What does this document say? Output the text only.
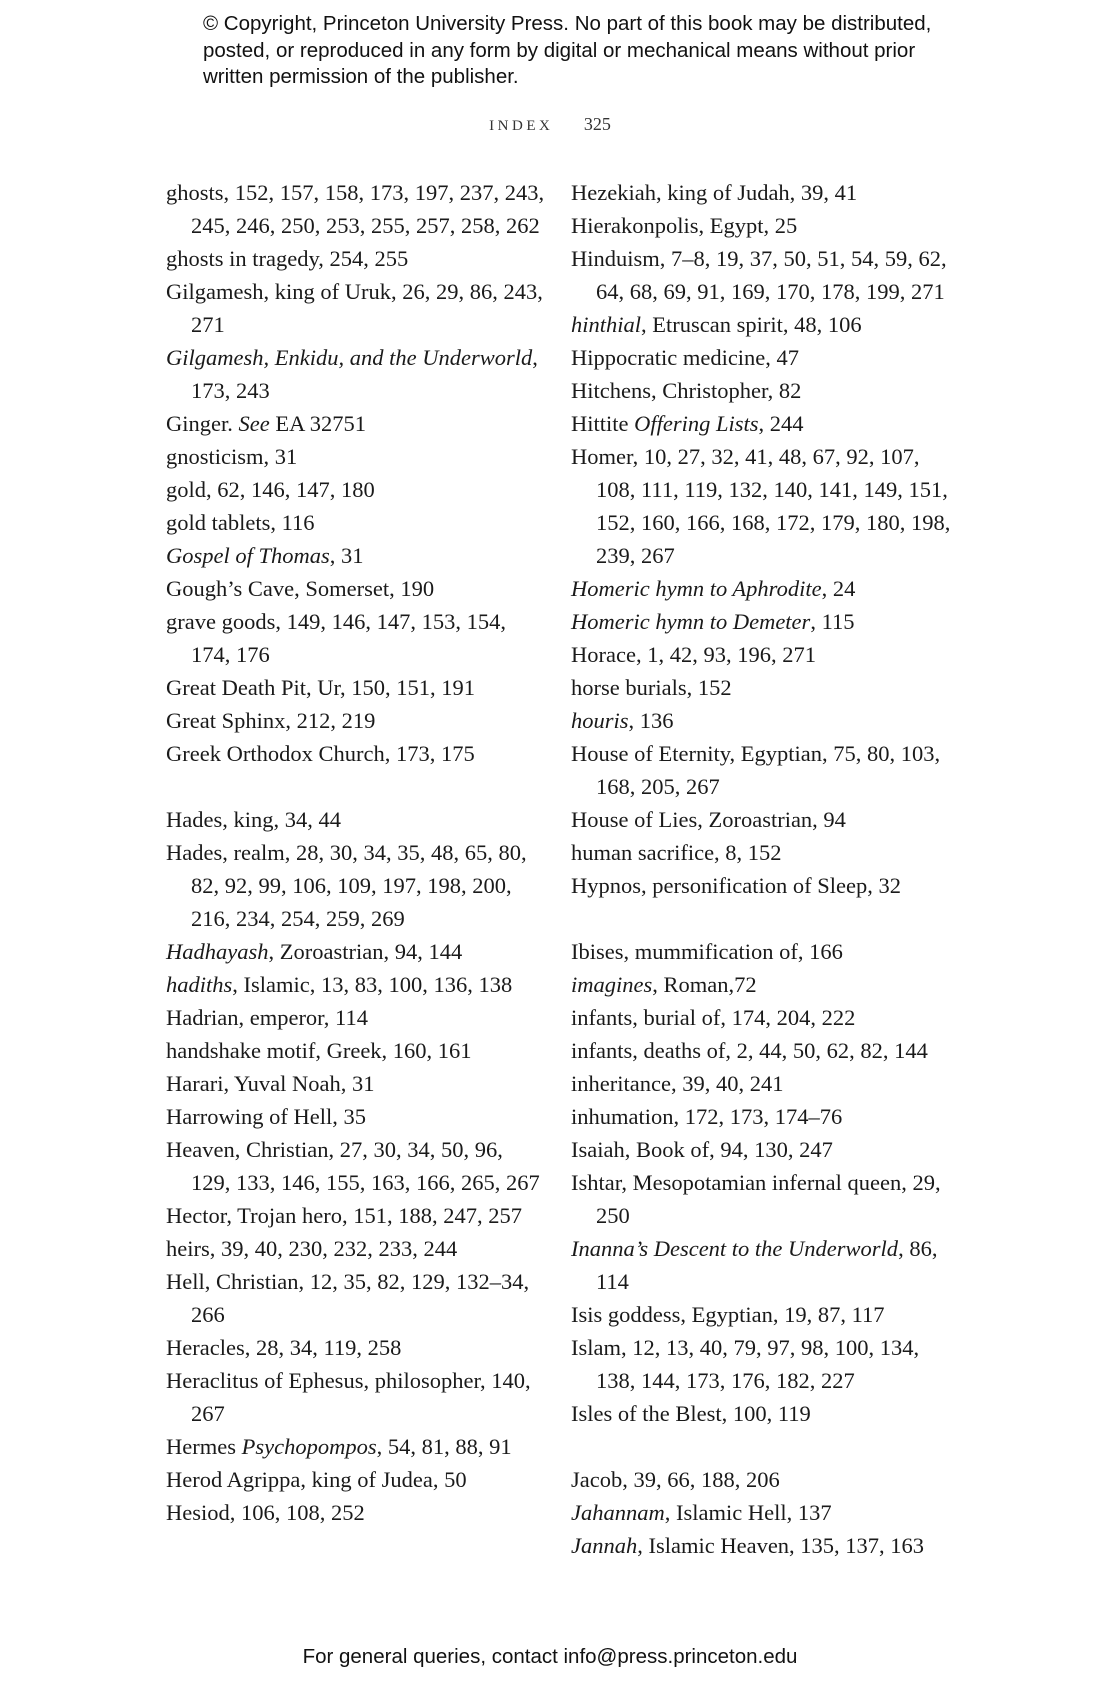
© Copyright, Princeton University Press. No part of this book may be distributed, posted, or reproduced in any form by digital or mechanical means without prior written permission of the publisher.
INDEX 325

ghosts, 152, 157, 158, 173, 197, 237, 243, 245, 246, 250, 253, 255, 257, 258, 262

ghosts in tragedy, 254, 255

Gilgamesh, king of Uruk, 26, 29, 86, 243, 271

Gilgamesh, Enkidu, and the Underworld, 173, 243

Ginger. See EA 32751

gnosticism, 31

gold, 62, 146, 147, 180

gold tablets, 116

Gospel of Thomas, 31

Gough’s Cave, Somerset, 190

grave goods, 149, 146, 147, 153, 154, 174, 176

Great Death Pit, Ur, 150, 151, 191

Great Sphinx, 212, 219

Greek Orthodox Church, 173, 175

Hades, king, 34, 44

Hades, realm, 28, 30, 34, 35, 48, 65, 80, 82, 92, 99, 106, 109, 197, 198, 200, 216, 234, 254, 259, 269

Hadhayash, Zoroastrian, 94, 144

hadiths, Islamic, 13, 83, 100, 136, 138

Hadrian, emperor, 114

handshake motif, Greek, 160, 161

Harari, Yuval Noah, 31

Harrowing of Hell, 35

Heaven, Christian, 27, 30, 34, 50, 96, 129, 133, 146, 155, 163, 166, 265, 267

Hector, Trojan hero, 151, 188, 247, 257

heirs, 39, 40, 230, 232, 233, 244

Hell, Christian, 12, 35, 82, 129, 132–34, 266

Heracles, 28, 34, 119, 258

Heraclitus of Ephesus, philosopher, 140, 267

Hermes Psychopompos, 54, 81, 88, 91

Herod Agrippa, king of Judea, 50

Hesiod, 106, 108, 252

Hezekiah, king of Judah, 39, 41

Hierakonpolis, Egypt, 25

Hinduism, 7–8, 19, 37, 50, 51, 54, 59, 62, 64, 68, 69, 91, 169, 170, 178, 199, 271

hinthial, Etruscan spirit, 48, 106

Hippocratic medicine, 47

Hitchens, Christopher, 82

Hittite Offering Lists, 244

Homer, 10, 27, 32, 41, 48, 67, 92, 107, 108, 111, 119, 132, 140, 141, 149, 151, 152, 160, 166, 168, 172, 179, 180, 198, 239, 267

Homeric hymn to Aphrodite, 24

Homeric hymn to Demeter, 115

Horace, 1, 42, 93, 196, 271

horse burials, 152

houris, 136

House of Eternity, Egyptian, 75, 80, 103, 168, 205, 267

House of Lies, Zoroastrian, 94

human sacrifice, 8, 152

Hypnos, personification of Sleep, 32

Ibises, mummification of, 166

imagines, Roman,72

infants, burial of, 174, 204, 222

infants, deaths of, 2, 44, 50, 62, 82, 144

inheritance, 39, 40, 241

inhumation, 172, 173, 174–76

Isaiah, Book of, 94, 130, 247

Ishtar, Mesopotamian infernal queen, 29, 250

Inanna’s Descent to the Underworld, 86, 114

Isis goddess, Egyptian, 19, 87, 117

Islam, 12, 13, 40, 79, 97, 98, 100, 134, 138, 144, 173, 176, 182, 227

Isles of the Blest, 100, 119

Jacob, 39, 66, 188, 206

Jahannam, Islamic Hell, 137

Jannah, Islamic Heaven, 135, 137, 163

For general queries, contact info@press.princeton.edu
